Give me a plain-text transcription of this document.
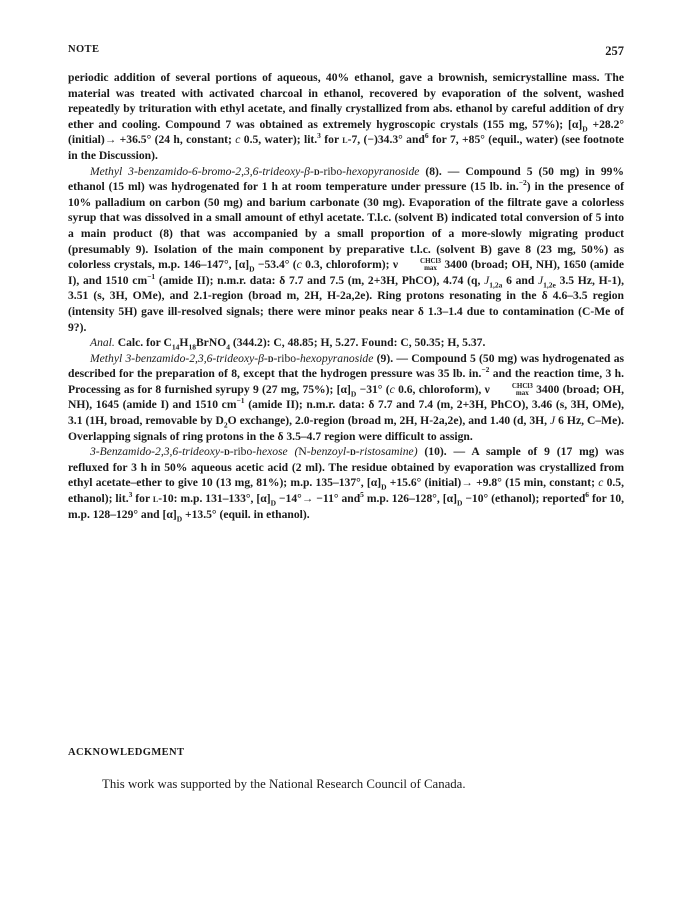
NOTE	257

periodic addition of several portions of aqueous, 40% ethanol, gave a brownish, semicrystalline mass. The material was treated with activated charcoal in ethanol, recovered by evaporation of the solvent, washed repeatedly by trituration with ethyl acetate, and finally crystallized from abs. ethanol by careful addition of dry ether and cooling. Compound 7 was obtained as extremely hygroscopic crystals (155 mg, 57%); $[\alpha]_D +28.2^\circ$ (initial)→ +36.5° (24 h, constant; c 0.5, water); lit.$^3$ for l-7, (−)34.3° and$^6$ for 7, +85° (equil., water) (see footnote in the Discussion).

Methyl 3-benzamido-6-bromo-2,3,6-trideoxy-β-d-ribo-hexopyranoside (8). — Compound 5 (50 mg) in 99% ethanol (15 ml) was hydrogenated for 1 h at room temperature under pressure (15 lb. in.$^{-2}$) in the presence of 10% palladium on carbon (50 mg) and barium carbonate (30 mg). Evaporation of the filtrate gave a colorless syrup that was dissolved in a small amount of ethyl acetate. T.l.c. (solvent B) indicated total conversion of 5 into a main product (8) that was accompanied by a small proportion of a more-slowly migrating product (presumably 9). Isolation of the main component by preparative t.l.c. (solvent B) gave 8 (23 mg, 50%) as colorless crystals, m.p. 146–147°, $[\alpha]_D -53.4^\circ$ (c 0.3, chloroform); ν	CHCl3
max 3400 (broad; OH, NH), 1650 (amide I), and 1510 $cm^{-1}$ (amide II); n.m.r. data: δ 7.7 and 7.5 (m, 2+3H, PhCO), 4.74 (q, $J_{1,2a}$ 6 and $J_{1,2e}$ 3.5 Hz, H-1), 3.51 (s, 3H, OMe), and 2.1-region (broad m, 2H, H-2a,2e). Ring protons resonating in the δ 4.6–3.5 region (intensity 5H) gave ill-resolved signals; there were minor peaks near δ 1.3–1.4 due to contamination (C-Me of 9?).

Anal. Calc. for $C_{14}H_{18}BrNO_4$ (344.2): C, 48.85; H, 5.27. Found: C, 50.35; H, 5.37.

Methyl 3-benzamido-2,3,6-trideoxy-β-d-ribo-hexopyranoside (9). — Compound 5 (50 mg) was hydrogenated as described for the preparation of 8, except that the hydrogen pressure was 35 lb. in.$^{-2}$ and the reaction time, 3 h. Processing as for 8 furnished syrupy 9 (27 mg, 75%); $[\alpha]_D -31^\circ$ (c 0.6, chloroform), ν	CHCl3
max 3400 (broad; OH, NH), 1645 (amide I) and 1510 $cm^{-1}$ (amide II); n.m.r. data: δ 7.7 and 7.4 (m, 2+3H, PhCO), 3.46 (s, 3H, OMe), 3.1 (1H, broad, removable by $D_2O$ exchange), 2.0-region (broad m, 2H, H-2a,2e), and 1.40 (d, 3H, J 6 Hz, C–Me). Overlapping signals of ring protons in the δ 3.5–4.7 region were difficult to assign.

3-Benzamido-2,3,6-trideoxy-d-ribo-hexose (N-benzoyl-d-ristosamine) (10). — A sample of 9 (17 mg) was refluxed for 3 h in 50% aqueous acetic acid (2 ml). The residue obtained by evaporation was crystallized from ethyl acetate–ether to give 10 (13 mg, 81%); m.p. 135–137°, $[\alpha]_D +15.6^\circ$ (initial)→ +9.8° (15 min, constant; c 0.5, ethanol); lit.$^3$ for l-10: m.p. 131–133°, $[\alpha]_D -14^\circ\to -11^\circ$ and$^5$ m.p. 126–128°, $[\alpha]_D -10^\circ$ (ethanol); reported$^6$ for 10, m.p. 128–129° and $[\alpha]_D +13.5^\circ$ (equil. in ethanol).

ACKNOWLEDGMENT
This work was supported by the National Research Council of Canada.
